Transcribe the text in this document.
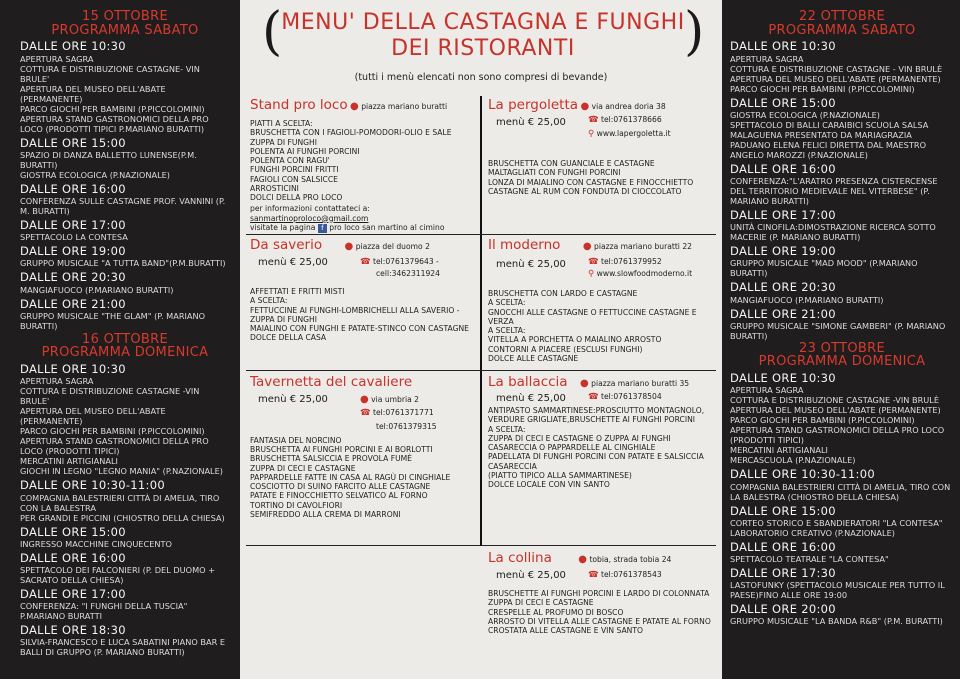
15 OTTOBRE
PROGRAMMA SABATO
DALLE ORE 10:30
APERTURA SAGRA
COTTURA E DISTRIBUZIONE CASTAGNE- VIN BRULE'
APERTURA DEL MUSEO DELL'ABATE (PERMANENTE)
PARCO GIOCHI PER BAMBINI (P.PICCOLOMINI)
APERTURA STAND GASTRONOMICI DELLA PRO LOCO (PRODOTTI TIPICI P.MARIANO BURATTI)
DALLE ORE 15:00
SPAZIO DI DANZA BALLETTO LUNENSE(P.M. BURATTI)
GIOSTRA ECOLOGICA (P.NAZIONALE)
DALLE ORE 16:00
CONFERENZA SULLE CASTAGNE PROF. VANNINI (P. M. BURATTI)
DALLE ORE 17:00
SPETTACOLO LA CONTESA
DALLE ORE 19:00
GRUPPO MUSICALE "A TUTTA BAND"(P.M.BURATTI)
DALLE ORE 20:30
MANGIAFUOCO (P.MARIANO BURATTI)
DALLE ORE 21:00
GRUPPO MUSICALE "THE GLAM" (P. MARIANO BURATTI)
16 OTTOBRE
PROGRAMMA DOMENICA
DALLE ORE 10:30
APERTURA SAGRA
COTTURA E DISTRIBUZIONE CASTAGNE -VIN BRULE'
APERTURA DEL MUSEO DELL'ABATE (PERMANENTE)
PARCO GIOCHI PER BAMBINI (P.PICCOLOMINI)
APERTURA STAND GASTRONOMICI DELLA PRO LOCO (PRODOTTI TIPICI)
MERCATINI ARTIGIANALI
GIOCHI IN LEGNO "LEGNO MANIA" (P.NAZIONALE)
DALLE ORE 10:30-11:00
COMPAGNIA BALESTRIERI CITTÀ DI AMELIA, TIRO CON LA BALESTRA
PER GRANDI E PICCINI (CHIOSTRO DELLA CHIESA)
DALLE ORE 15:00
INGRESSO MACCHINE CINQUECENTO
DALLE ORE 16:00
SPETTACOLO DEI FALCONIERI (P. DEL DUOMO + SACRATO DELLA CHIESA)
DALLE ORE 17:00
CONFERENZA: "I FUNGHI DELLA TUSCIA" P.MARIANO BURATTI
DALLE ORE 18:30
SILVIA-FRANCESCO E LUCA SABATINI PIANO BAR E BALLI DI GRUPPO (P. MARIANO BURATTI)
(	)
MENU' DELLA CASTAGNA E FUNGHI
DEI RISTORANTI
(tutti i menù elencati non sono compresi di bevande)
Stand pro loco ● piazza mariano buratti
PIATTI A SCELTA:
BRUSCHETTA CON I FAGIOLI-POMODORI-OLIO E SALE
ZUPPA DI FUNGHI
POLENTA AI FUNGHI PORCINI
POLENTA CON RAGU'
FUNGHI PORCINI FRITTI
FAGIOLI CON SALSICCE
ARROSTICINI
DOLCI DELLA PRO LOCO
per informazioni contattateci a:
sanmartinoproloco@gmail.com
visitate la pagina f pro loco san martino al cimino
La pergoletta ● via andrea doria 38
menù € 25,00	☎ tel:0761378666
⚲ www.lapergoletta.it
BRUSCHETTA CON GUANCIALE E CASTAGNE
MALTAGLIATI CON FUNGHI PORCINI
LONZA DI MAIALINO CON CASTAGNE E FINOCCHIETTO
CASTAGNE AL RUM CON FONDUTA DI CIOCCOLATO
Da saverio ● piazza del duomo 2
menù € 25,00	☎ tel:0761379643 -
cell:3462311924
AFFETTATI E FRITTI MISTI
A SCELTA:
FETTUCCINE AI FUNGHI-LOMBRICHELLI ALLA SAVERIO - ZUPPA DI FUNGHI
MAIALINO CON FUNGHI E PATATE-STINCO CON CASTAGNE
DOLCE DELLA CASA
Il moderno ● piazza mariano buratti 22
menù € 25,00	☎ tel:0761379952
⚲ www.slowfoodmoderno.it
BRUSCHETTA CON LARDO E CASTAGNE
A SCELTA:
GNOCCHI ALLE CASTAGNE O FETTUCCINE CASTAGNE E VERZA
A SCELTA:
VITELLA A PORCHETTA O MAIALINO ARROSTO
CONTORNI A PIACERE (ESCLUSI FUNGHI)
DOLCE ALLE CASTAGNE
Tavernetta del cavaliere
menù € 25,00	● via umbria 2
☎ tel:0761371771
tel:0761379315
FANTASIA DEL NORCINO
BRUSCHETTA AI FUNGHI PORCINI E AI BORLOTTI
BRUSCHETTA SALSICCIA E PROVOLA FUMÈ
ZUPPA DI CECI E CASTAGNE
PAPPARDELLE FATTE IN CASA AL RAGÙ DI CINGHIALE
COSCIOTTO DI SUINO FARCITO ALLE CASTAGNE
PATATE E FINOCCHIETTO SELVATICO AL FORNO
TORTINO DI CAVOLFIORI
SEMIFREDDO ALLA CREMA DI MARRONI
La ballaccia ● piazza mariano buratti 35
menù € 25,00	☎ tel:0761378504
ANTIPASTO SAMMARTINESE:PROSCIUTTO MONTAGNOLO, VERDURE GRIGLIATE,BRUSCHETTE AI FUNGHI PORCINI
A SCELTA:
ZUPPA DI CECI E CASTAGNE O ZUPPA AI FUNGHI
CASARECCIA O PAPPARDELLE AL CINGHIALE
PADELLATA DI FUNGHI PORCINI CON PATATE E SALSICCIA CASARECCIA
(PIATTO TIPICO ALLA SAMMARTINESE)
DOLCE LOCALE CON VIN SANTO
La collina	● tobia, strada tobia 24
menù € 25,00	☎ tel:0761378543
BRUSCHETTE AI FUNGHI PORCINI E LARDO DI COLONNATA
ZUPPA DI CECI E CASTAGNE
CRESPELLE AL PROFUMO DI BOSCO
ARROSTO DI VITELLA ALLE CASTAGNE E PATATE AL FORNO
CROSTATA ALLE CASTAGNE E VIN SANTO
22 OTTOBRE
PROGRAMMA SABATO
DALLE ORE 10:30
APERTURA SAGRA
COTTURA E DISTRIBUZIONE CASTAGNE - VIN BRULÈ
APERTURA DEL MUSEO DELL'ABATE (PERMANENTE)
PARCO GIOCHI PER BAMBINI (P.PICCOLOMINI)
DALLE ORE 15:00
GIOSTRA ECOLOGICA (P.NAZIONALE)
SPETTACOLO DI BALLI CARAIBICI SCUOLA SALSA MALAGUENA PRESENTATO DA MARIAGRAZIA PADUANO ELENA FELICI DIRETTA DAL MAESTRO ANGELO MAROZZI (P.NAZIONALE)
DALLE ORE 16:00
CONFERENZA:"L'ARATRO PRESENZA CISTERCENSE DEL TERRITORIO MEDIEVALE NEL VITERBESE" (P. MARIANO BURATTI)
DALLE ORE 17:00
UNITÀ CINOFILA:DIMOSTRAZIONE RICERCA SOTTO MACERIE (P. MARIANO BURATTI)
DALLE ORE 19:00
GRUPPO MUSICALE "MAD MOOD" (P.MARIANO BURATTI)
DALLE ORE 20:30
MANGIAFUOCO (P.MARIANO BURATTI)
DALLE ORE 21:00
GRUPPO MUSICALE "SIMONE GAMBERI" (P. MARIANO BURATTI)
23 OTTOBRE
PROGRAMMA DOMENICA
DALLE ORE 10:30
APERTURA SAGRA
COTTURA E DISTRIBUZIONE CASTAGNE -VIN BRULÈ
APERTURA DEL MUSEO DELL'ABATE (PERMANENTE)
PARCO GIOCHI PER BAMBINI (P.PICCOLOMINI)
APERTURA STAND GASTRONOMICI DELLA PRO LOCO (PRODOTTI TIPICI)
MERCATINI ARTIGIANALI
MERCASCUOLA (P.NAZIONALE)
DALLE ORE 10:30-11:00
COMPAGNIA BALESTRIERI CITTÀ DI AMELIA, TIRO CON LA BALESTRA (CHIOSTRO DELLA CHIESA)
DALLE ORE 15:00
CORTEO STORICO E SBANDIERATORI "LA CONTESA"
LABORATORIO CREATIVO (P.NAZIONALE)
DALLE ORE 16:00
SPETTACOLO TEATRALE "LA CONTESA"
DALLE ORE 17:30
LASTOFUNKY (SPETTACOLO MUSICALE PER TUTTO IL PAESE)FINO ALLE ORE 19:00
DALLE ORE 20:00
GRUPPO MUSICALE "LA BANDA R&B" (P.M. BURATTI)
